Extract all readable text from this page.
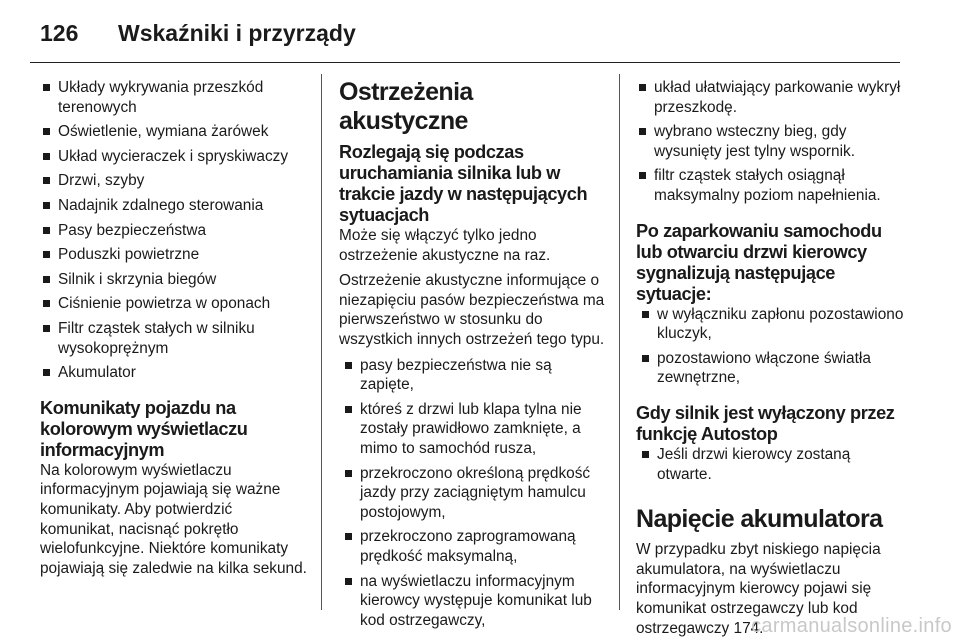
126 Wskaźniki i przyrządy
Układy wykrywania przeszkód terenowych
Oświetlenie, wymiana żarówek
Układ wycieraczek i spryskiwaczy
Drzwi, szyby
Nadajnik zdalnego sterowania
Pasy bezpieczeństwa
Poduszki powietrzne
Silnik i skrzynia biegów
Ciśnienie powietrza w oponach
Filtr cząstek stałych w silniku wysokoprężnym
Akumulator
Komunikaty pojazdu na kolorowym wyświetlaczu informacyjnym

Na kolorowym wyświetlaczu informacyjnym pojawiają się ważne komunikaty. Aby potwierdzić komunikat, nacisnąć pokrętło wielofunkcyjne. Niektóre komunikaty pojawiają się zaledwie na kilka sekund.

Ostrzeżenia akustyczne
Rozlegają się podczas uruchamiania silnika lub w trakcie jazdy w następujących sytuacjach

Może się włączyć tylko jedno ostrzeżenie akustyczne na raz.

Ostrzeżenie akustyczne informujące o niezapięciu pasów bezpieczeństwa ma pierwszeństwo w stosunku do wszystkich innych ostrzeżeń tego typu.

pasy bezpieczeństwa nie są zapięte,
któreś z drzwi lub klapa tylna nie zostały prawidłowo zamknięte, a mimo to samochód rusza,
przekroczono określoną prędkość jazdy przy zaciągniętym hamulcu postojowym,
przekroczono zaprogramowaną prędkość maksymalną,
na wyświetlaczu informacyjnym kierowcy występuje komunikat lub kod ostrzegawczy,
układ ułatwiający parkowanie wykrył przeszkodę.
wybrano wsteczny bieg, gdy wysunięty jest tylny wspornik.
filtr cząstek stałych osiągnął maksymalny poziom napełnienia.
Po zaparkowaniu samochodu lub otwarciu drzwi kierowcy sygnalizują następujące sytuacje:
w wyłączniku zapłonu pozostawiono kluczyk,
pozostawiono włączone światła zewnętrzne,
Gdy silnik jest wyłączony przez funkcję Autostop
Jeśli drzwi kierowcy zostaną otwarte.
Napięcie akumulatora

W przypadku zbyt niskiego napięcia akumulatora, na wyświetlaczu informacyjnym kierowcy pojawi się komunikat ostrzegawczy lub kod ostrzegawczy 174.

carmanualsonline.info
